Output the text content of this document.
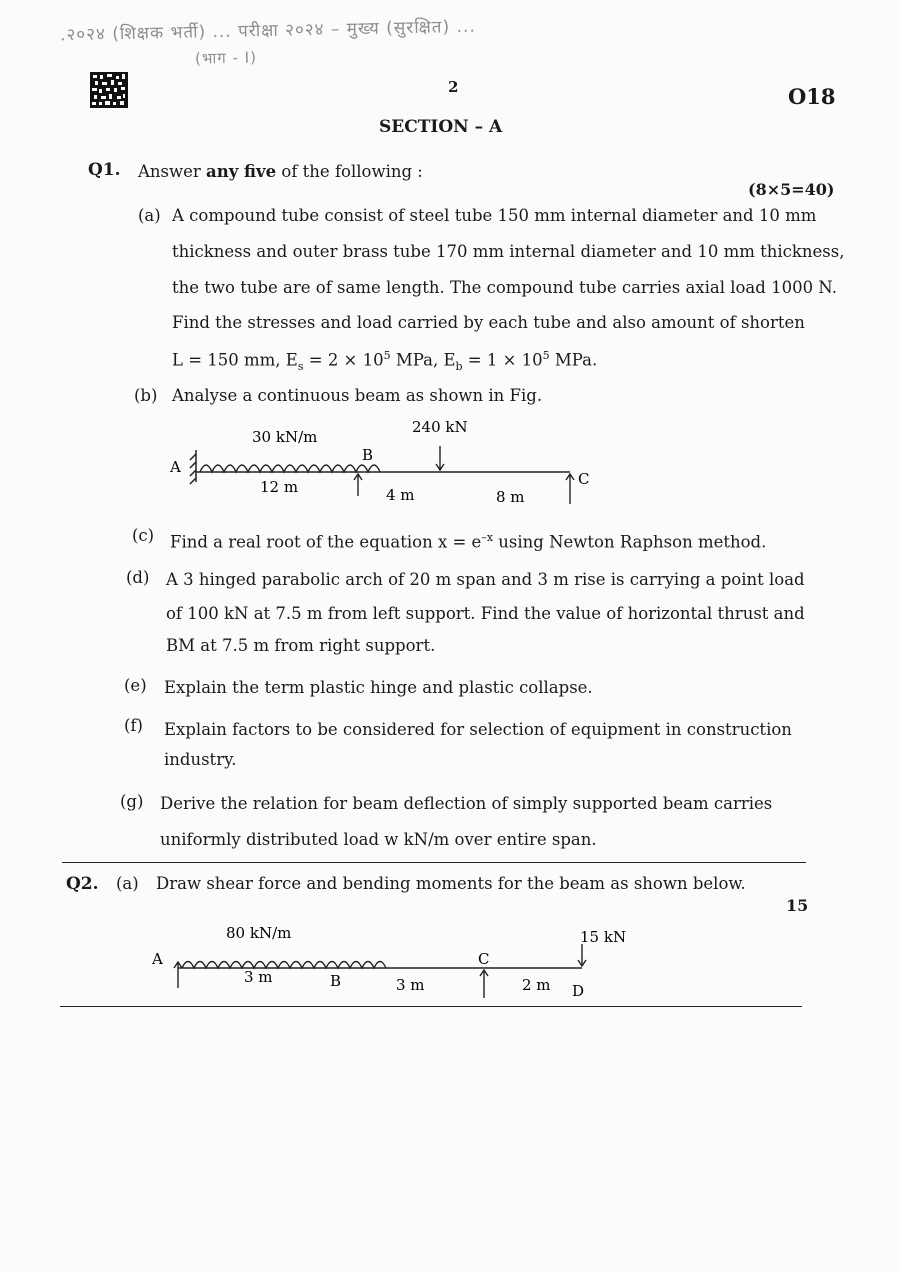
.२०२४ (शिक्षक भर्ती) ... परीक्षा २०२४ – मुख्य (सुरक्षित) ...
(भाग - I)
2	O18
SECTION – A
Q1. Answer any five of the following :
(8×5=40)
(a) A compound tube consist of steel tube 150 mm internal diameter and 10 mm
thickness and outer brass tube 170 mm internal diameter and 10 mm thickness,
the two tube are of same length. The compound tube carries axial load 1000 N.
Find the stresses and load carried by each tube and also amount of shorten
L = 150 mm, $E_s = 2 \times 10^5$ MPa, $E_b = 1 \times 10^5$ MPa.
(b) Analyse a continuous beam as shown in Fig.
30 kN/m
240 kN
A
B
C
12 m	4 m	8 m
(c) Find a real root of the equation $x = e^{-x}$ using Newton Raphson method.
(d) A 3 hinged parabolic arch of 20 m span and 3 m rise is carrying a point load
of 100 kN at 7.5 m from left support. Find the value of horizontal thrust and
BM at 7.5 m from right support.
(e) Explain the term plastic hinge and plastic collapse.
(f) Explain factors to be considered for selection of equipment in construction
industry.
(g) Derive the relation for beam deflection of simply supported beam carries
uniformly distributed load w kN/m over entire span.
Q2. (a) Draw shear force and bending moments for the beam as shown below.
15
80 kN/m	15 kN
A	C
3 m	B	3 m	2 m D
